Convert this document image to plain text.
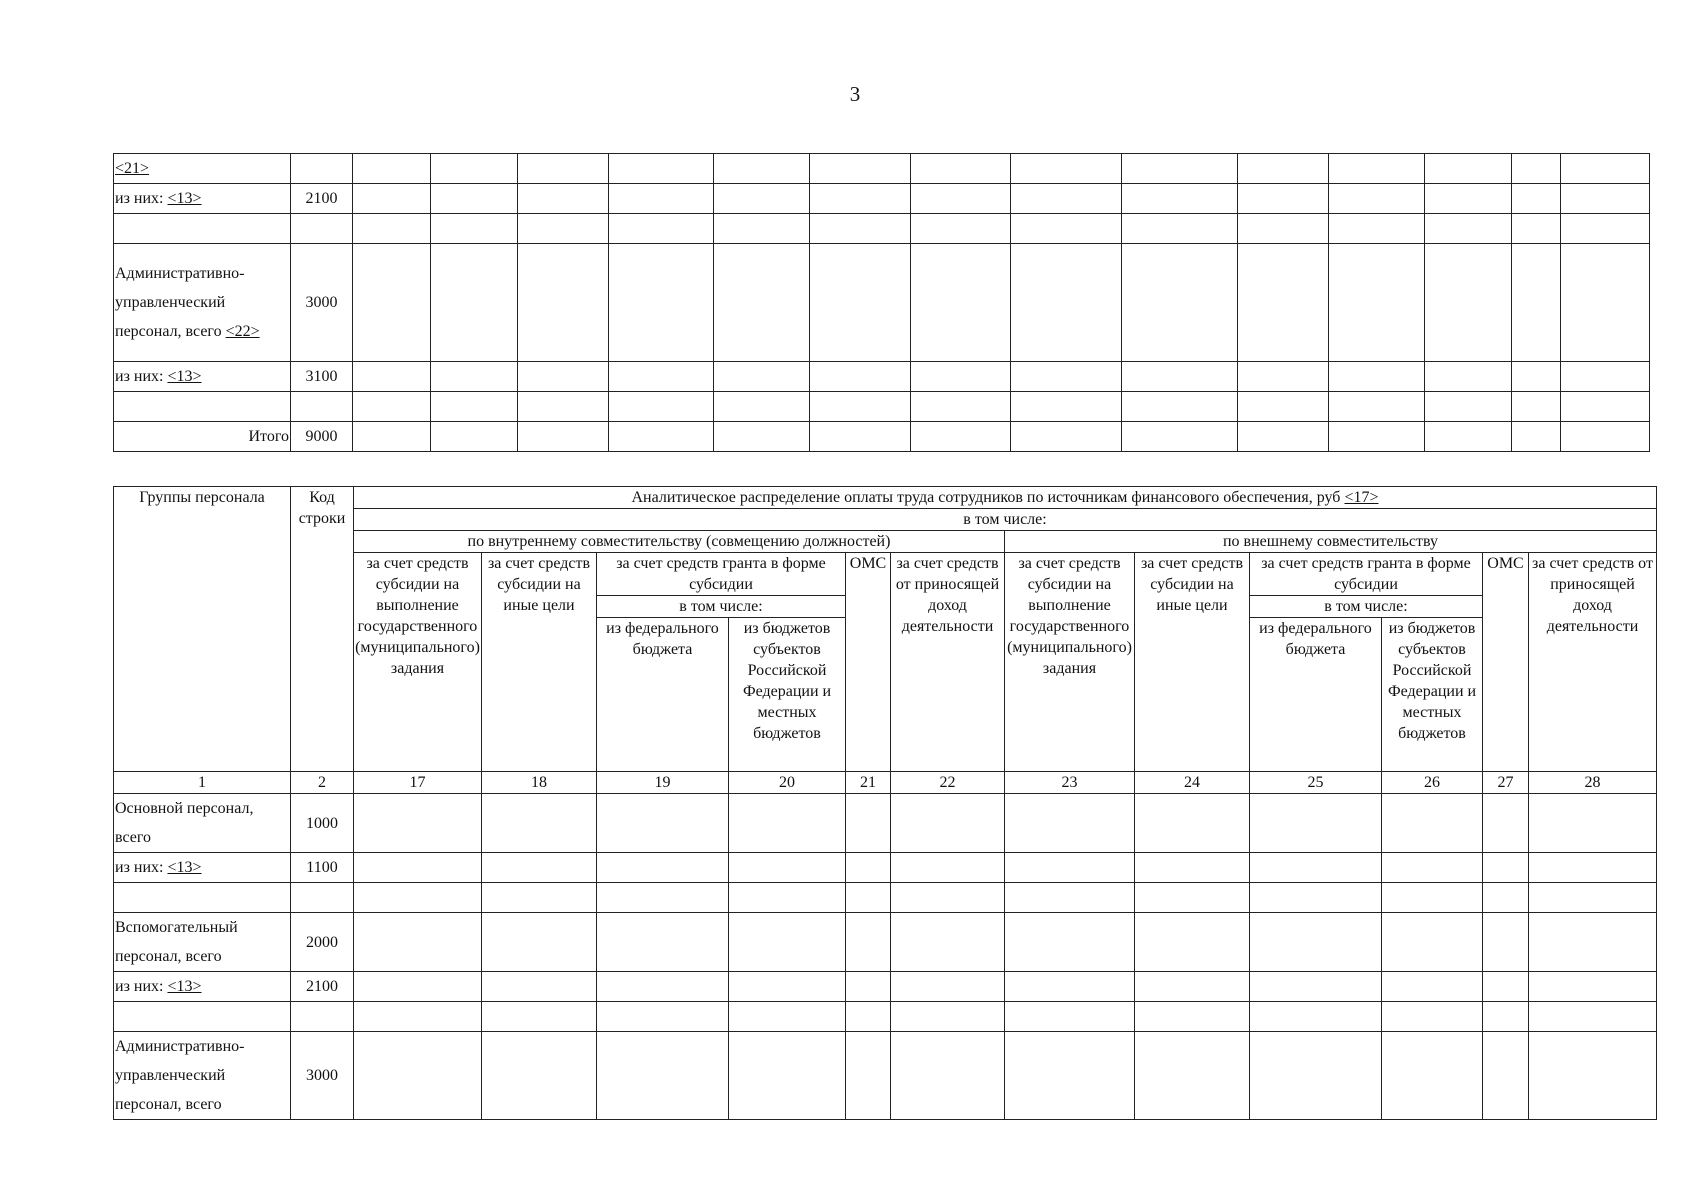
3
<21>															
из них: <13>	2100														

Административно-управленческий персонал, всего <22>	3000														
из них: <13>	3100														

Итого	9000														
Группы персонала	Код строки	Аналитическое распределение оплаты труда сотрудников по источникам финансового обеспечения, руб <17>											
		в том числе:											
		по внутреннему совместительству (совмещению должностей)						по внешнему совместительству					
		за счет средств субсидии на выполнение государственного (муниципального) задания	за счет средств субсидии на иные цели	за счет средств гранта в форме субсидии		ОМС	за счет средств от приносящей доход деятельности	за счет средств субсидии на выполнение государственного (муниципального) задания	за счет средств субсидии на иные цели	за счет средств гранта в форме субсидии		ОМС	за счет средств от приносящей доход деятельности
				в том числе:						в том числе:			
				из федерального бюджета	из бюджетов субъектов Российской Федерации и местных бюджетов					из федерального бюджета	из бюджетов субъектов Российской Федерации и местных бюджетов		
1	2	17	18	19	20	21	22	23	24	25	26	27	28
Основной персонал, всего	1000												
из них: <13>	1100												

Вспомогательный персонал, всего	2000												
из них: <13>	2100												

Административно-управленческий персонал, всего	3000												
